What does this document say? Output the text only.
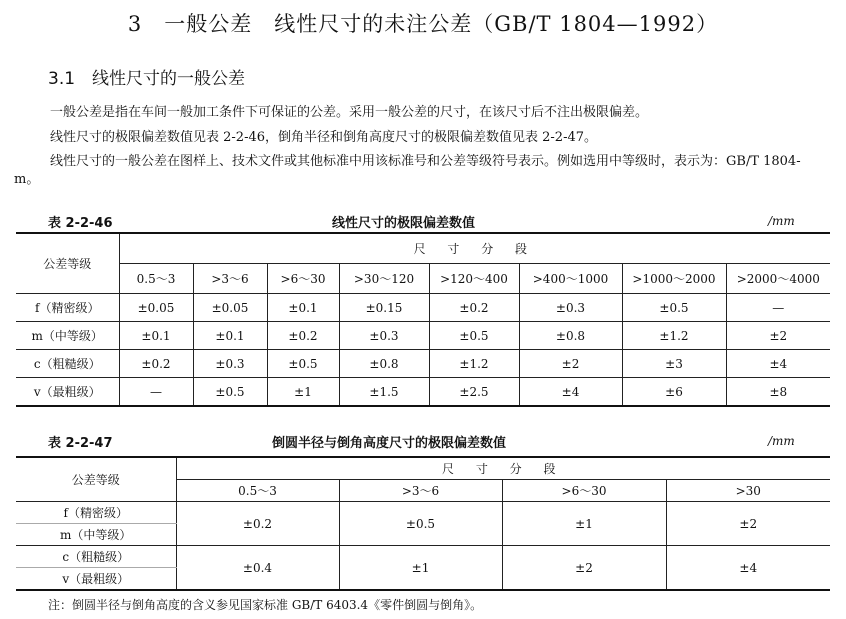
3　一般公差　线性尺寸的未注公差（GB/T 1804—1992）
3.1　线性尺寸的一般公差
一般公差是指在车间一般加工条件下可保证的公差。采用一般公差的尺寸，在该尺寸后不注出极限偏差。
线性尺寸的极限偏差数值见表 2-2-46，倒角半径和倒角高度尺寸的极限偏差数值见表 2-2-47。
线性尺寸的一般公差在图样上、技术文件或其他标准中用该标准号和公差等级符号表示。例如选用中等级时，表示为：GB/T 1804-m。
表 2-2-46	线性尺寸的极限偏差数值	/mm
公差等级	尺 寸 分 段							
	0.5～3	>3～6	>6～30	>30～120	>120～400	>400～1000	>1000～2000	>2000～4000
f（精密级）	±0.05	±0.05	±0.1	±0.15	±0.2	±0.3	±0.5	—
m（中等级）	±0.1	±0.1	±0.2	±0.3	±0.5	±0.8	±1.2	±2
c（粗糙级）	±0.2	±0.3	±0.5	±0.8	±1.2	±2	±3	±4
v（最粗级）	—	±0.5	±1	±1.5	±2.5	±4	±6	±8
表 2-2-47	倒圆半径与倒角高度尺寸的极限偏差数值	/mm
公差等级	尺 寸 分 段			
	0.5～3	>3～6	>6～30	>30
f（精密级）	±0.2	±0.5	±1	±2
m（中等级）				
c（粗糙级）	±0.4	±1	±2	±4
v（最粗级）				
注：倒圆半径与倒角高度的含义参见国家标准 GB/T 6403.4《零件倒圆与倒角》。
